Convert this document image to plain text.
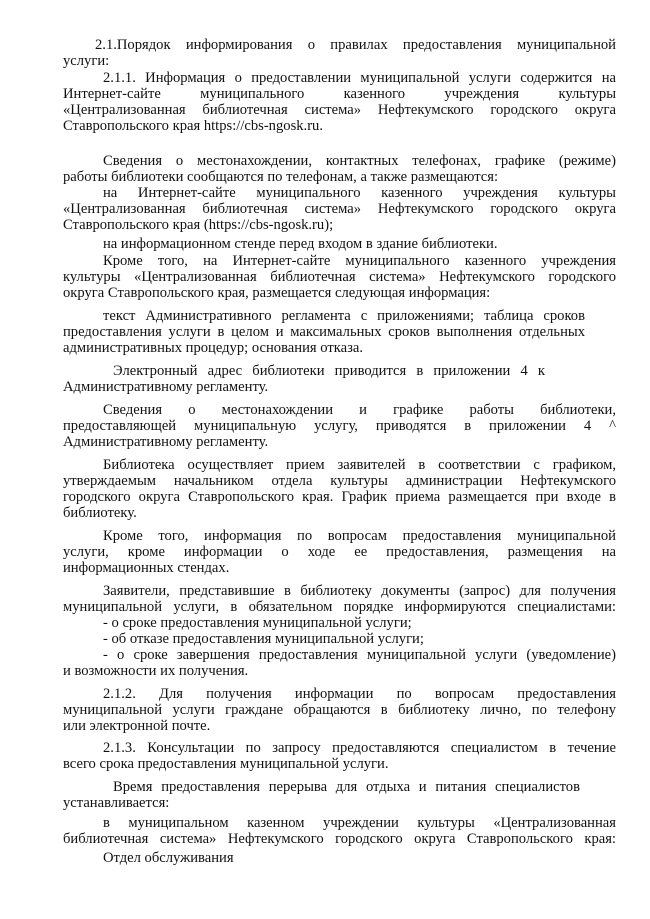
2.1.Порядок информирования о правилах предоставления муниципальной
услуги:
2.1.1. Информация о предоставлении муниципальной услуги содержится на
Интернет-сайте муниципального казенного учреждения культуры
«Централизованная библиотечная система» Нефтекумского городского округа
Ставропольского края https://cbs-ngosk.ru.
Сведения о местонахождении, контактных телефонах, графике (режиме)
работы библиотеки сообщаются по телефонам, а также размещаются:
на Интернет-сайте муниципального казенного учреждения культуры
«Централизованная библиотечная система» Нефтекумского городского округа
Ставропольского края (https://cbs-ngosk.ru);
на информационном стенде перед входом в здание библиотеки.
Кроме того, на Интернет-сайте муниципального казенного учреждения
культуры «Централизованная библиотечная система» Нефтекумского городского
округа Ставропольского края, размещается следующая информация:
текст Административного регламента с приложениями; таблица сроков
предоставления услуги в целом и максимальных сроков выполнения отдельных
административных процедур; основания отказа.
Электронный адрес библиотеки приводится в приложении 4 к
Административному регламенту.
Сведения о местонахождении и графике работы библиотеки,
предоставляющей муниципальную услугу, приводятся в приложении 4 ^
Административному регламенту.
Библиотека осуществляет прием заявителей в соответствии с графиком,
утверждаемым начальником отдела культуры администрации Нефтекумского
городского округа Ставропольского края. График приема размещается при входе в
библиотеку.
Кроме того, информация по вопросам предоставления муниципальной
услуги, кроме информации о ходе ее предоставления, размещения на
информационных стендах.
Заявители, представившие в библиотеку документы (запрос) для получения
муниципальной услуги, в обязательном порядке информируются специалистами:
- о сроке предоставления муниципальной услуги;
- об отказе предоставления муниципальной услуги;
- о сроке завершения предоставления муниципальной услуги (уведомление)
и возможности их получения.
2.1.2. Для получения информации по вопросам предоставления
муниципальной услуги граждане обращаются в библиотеку лично, по телефону
или электронной почте.
2.1.3. Консультации по запросу предоставляются специалистом в течение
всего срока предоставления муниципальной услуги.
Время предоставления перерыва для отдыха и питания специалистов
устанавливается:
в муниципальном казенном учреждении культуры «Централизованная
библиотечная система» Нефтекумского городского округа Ставропольского края:
Отдел обслуживания
